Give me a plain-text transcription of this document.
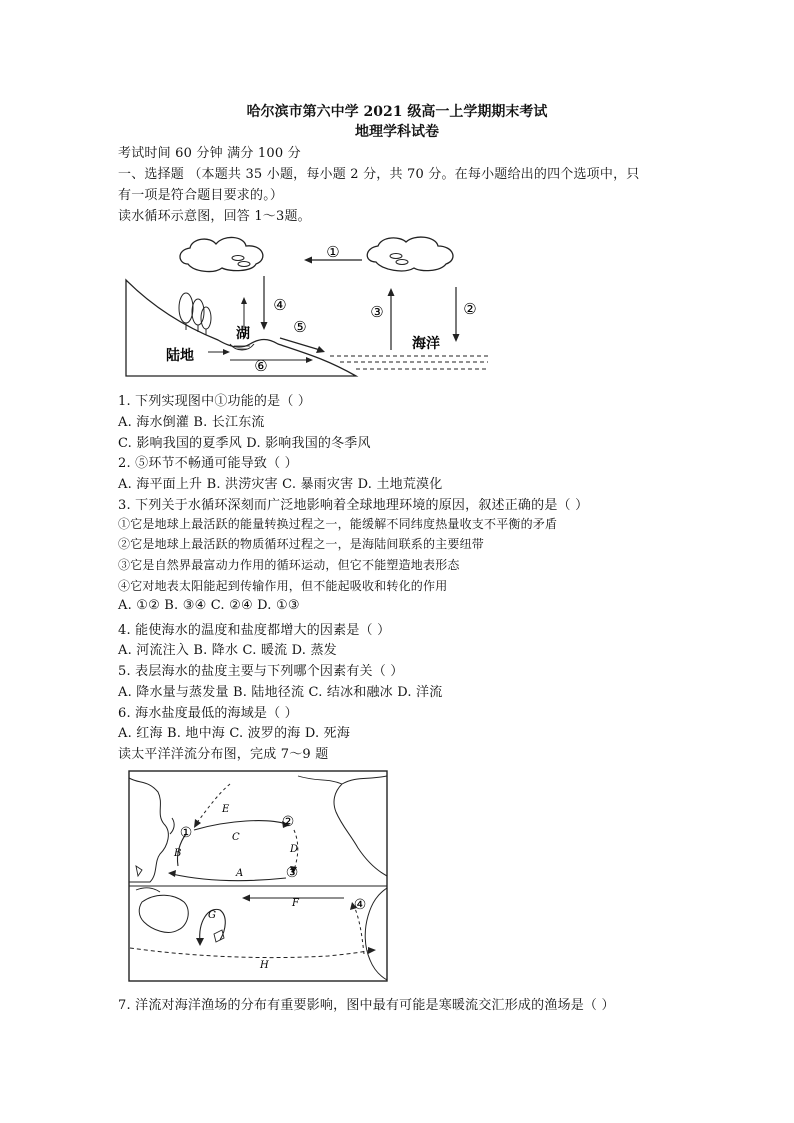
哈尔滨市第六中学 2021 级高一上学期期末考试
地理学科试卷
考试时间 60 分钟 满分 100 分
一、选择题 （本题共 35 小题，每小题 2 分，共 70 分。在每小题给出的四个选项中，只
有一项是符合题目要求的。）
读水循环示意图，回答 1～3题。
①
②
③
④
湖	⑤
⑥
陆地
海洋
1. 下列实现图中①功能的是（ ）
A. 海水倒灌 B. 长江东流
C. 影响我国的夏季风 D. 影响我国的冬季风
2. ⑤环节不畅通可能导致（ ）
A. 海平面上升 B. 洪涝灾害 C. 暴雨灾害 D. 土地荒漠化
3. 下列关于水循环深刻而广泛地影响着全球地理环境的原因，叙述正确的是（ ）
①它是地球上最活跃的能量转换过程之一，能缓解不同纬度热量收支不平衡的矛盾
②它是地球上最活跃的物质循环过程之一，是海陆间联系的主要纽带
③它是自然界最富动力作用的循环运动，但它不能塑造地表形态
④它对地表太阳能起到传输作用，但不能起吸收和转化的作用
A. ①② B. ③④ C. ②④ D. ①③
4. 能使海水的温度和盐度都增大的因素是（ ）
A. 河流注入 B. 降水 C. 暖流 D. 蒸发
5. 表层海水的盐度主要与下列哪个因素有关（ ）
A. 降水量与蒸发量 B. 陆地径流 C. 结冰和融冰 D. 洋流
6. 海水盐度最低的海域是（ ）
A. 红海 B. 地中海 C. 波罗的海 D. 死海
读太平洋洋流分布图，完成 7～9 题
①
②
③
④
A
B
C
D
E
F
G
H
7. 洋流对海洋渔场的分布有重要影响，图中最有可能是寒暖流交汇形成的渔场是（ ）
